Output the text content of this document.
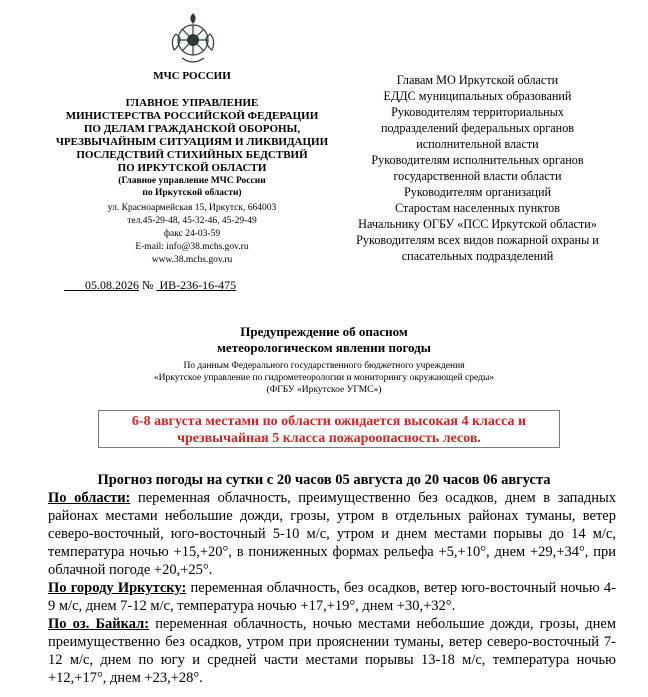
МЧС РОССИИ
ГЛАВНОЕ УПРАВЛЕНИЕ
МИНИСТЕРСТВА РОССИЙСКОЙ ФЕДЕРАЦИИ
ПО ДЕЛАМ ГРАЖДАНСКОЙ ОБОРОНЫ,
ЧРЕЗВЫЧАЙНЫМ СИТУАЦИЯМ И ЛИКВИДАЦИИ
ПОСЛЕДСТВИЙ СТИХИЙНЫХ БЕДСТВИЙ
ПО ИРКУТСКОЙ ОБЛАСТИ
(Главное управление МЧС России
по Иркутской области)
ул. Красноармейская 15, Иркутск, 664003
тел.45-29-48, 45-32-46, 45-29-49
факс 24-03-59
E-mail: info@38.mchs.gov.ru
www.38.mchs.gov.ru
05.08.2026 № ИВ-236-16-475
Главам МО Иркутской области
ЕДДС муниципальных образований
Руководителям территориальных
подразделений федеральных органов
исполнительной власти
Руководителям исполнительных органов
государственной власти области
Руководителям организаций
Старостам населенных пунктов
Начальнику ОГБУ «ПСС Иркутской области»
Руководителям всех видов пожарной охраны и
спасательных подразделений
Предупреждение об опасном
метеорологическом явлении погоды
По данным Федерального государственного бюджетного учреждения
«Иркутское управление по гидрометеорологии и мониторингу окружающей среды»
(ФГБУ «Иркутское УГМС»)
6-8 августа местами по области ожидается высокая 4 класса и
чрезвычайная 5 класса пожароопасность лесов.
Прогноз погоды на сутки с 20 часов 05 августа до 20 часов 06 августа

По области: переменная облачность, преимущественно без осадков, днем в западных районах местами небольшие дожди, грозы, утром в отдельных районах туманы, ветер северо-восточный, юго-восточный 5-10 м/с, утром и днем местами порывы до 14 м/с, температура ночью +15,+20°, в пониженных формах рельефа +5,+10°, днем +29,+34°, при облачной погоде +20,+25°.

По городу Иркутску: переменная облачность, без осадков, ветер юго-восточный ночью 4-9 м/с, днем 7-12 м/с, температура ночью +17,+19°, днем +30,+32°.

По оз. Байкал: переменная облачность, ночью местами небольшие дожди, грозы, днем преимущественно без осадков, утром при прояснении туманы, ветер северо-восточный 7-12 м/с, днем по югу и средней части местами порывы 13-18 м/с, температура ночью +12,+17°, днем +23,+28°.
